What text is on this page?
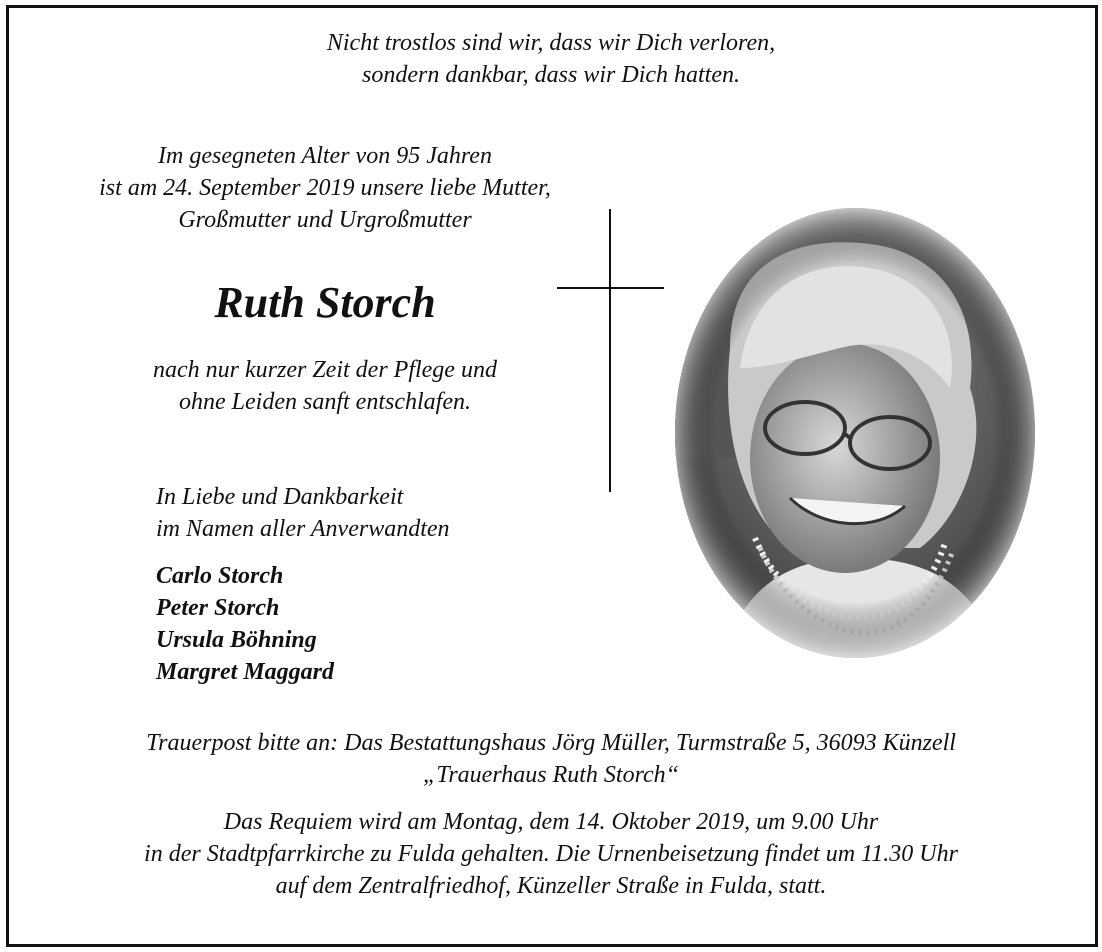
Nicht trostlos sind wir, dass wir Dich verloren,
sondern dankbar, dass wir Dich hatten.
Im gesegneten Alter von 95 Jahren
ist am 24. September 2019 unsere liebe Mutter,
Großmutter und Urgroßmutter
Ruth Storch
nach nur kurzer Zeit der Pflege und
ohne Leiden sanft entschlafen.
In Liebe und Dankbarkeit
im Namen aller Anverwandten
Carlo Storch
Peter Storch
Ursula Böhning
Margret Maggard
Trauerpost bitte an: Das Bestattungshaus Jörg Müller, Turmstraße 5, 36093 Künzell
„Trauerhaus Ruth Storch“
Das Requiem wird am Montag, dem 14. Oktober 2019, um 9.00 Uhr
in der Stadtpfarrkirche zu Fulda gehalten. Die Urnenbeisetzung findet um 11.30 Uhr
auf dem Zentralfriedhof, Künzeller Straße in Fulda, statt.
